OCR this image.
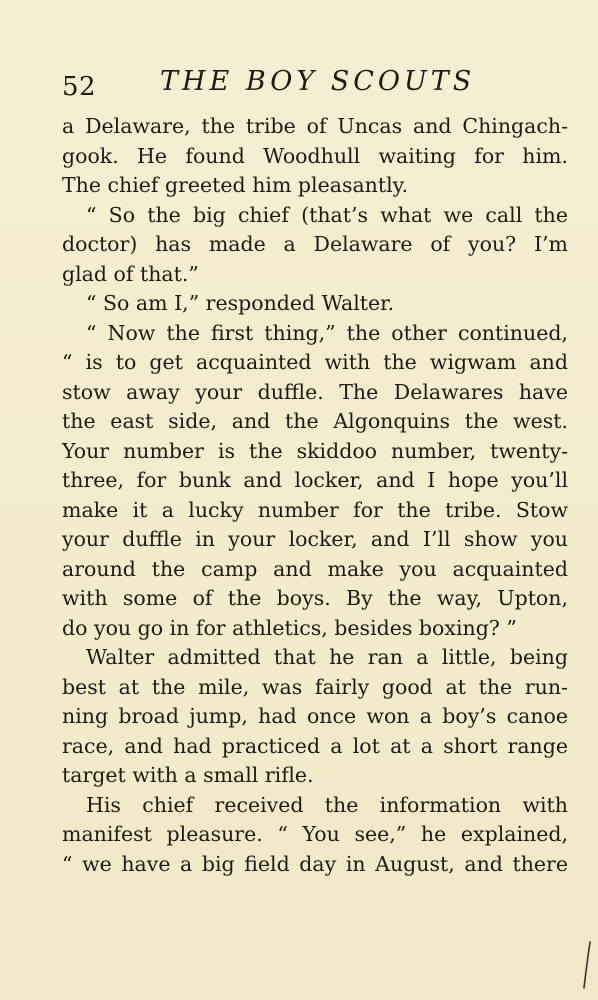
52 THE BOY SCOUTS
a Delaware, the tribe of Uncas and Chingach-
gook. He found Woodhull waiting for him.
The chief greeted him pleasantly.
“ So the big chief (that’s what we call the
doctor) has made a Delaware of you? I’m
glad of that.”
“ So am I,” responded Walter.
“ Now the first thing,” the other continued,
“ is to get acquainted with the wigwam and
stow away your duffle. The Delawares have
the east side, and the Algonquins the west.
Your number is the skiddoo number, twenty-
three, for bunk and locker, and I hope you’ll
make it a lucky number for the tribe. Stow
your duffle in your locker, and I’ll show you
around the camp and make you acquainted
with some of the boys. By the way, Upton,
do you go in for athletics, besides boxing? ”
Walter admitted that he ran a little, being
best at the mile, was fairly good at the run-
ning broad jump, had once won a boy’s canoe
race, and had practiced a lot at a short range
target with a small rifle.
His chief received the information with
manifest pleasure. “ You see,” he explained,
“ we have a big field day in August, and there
